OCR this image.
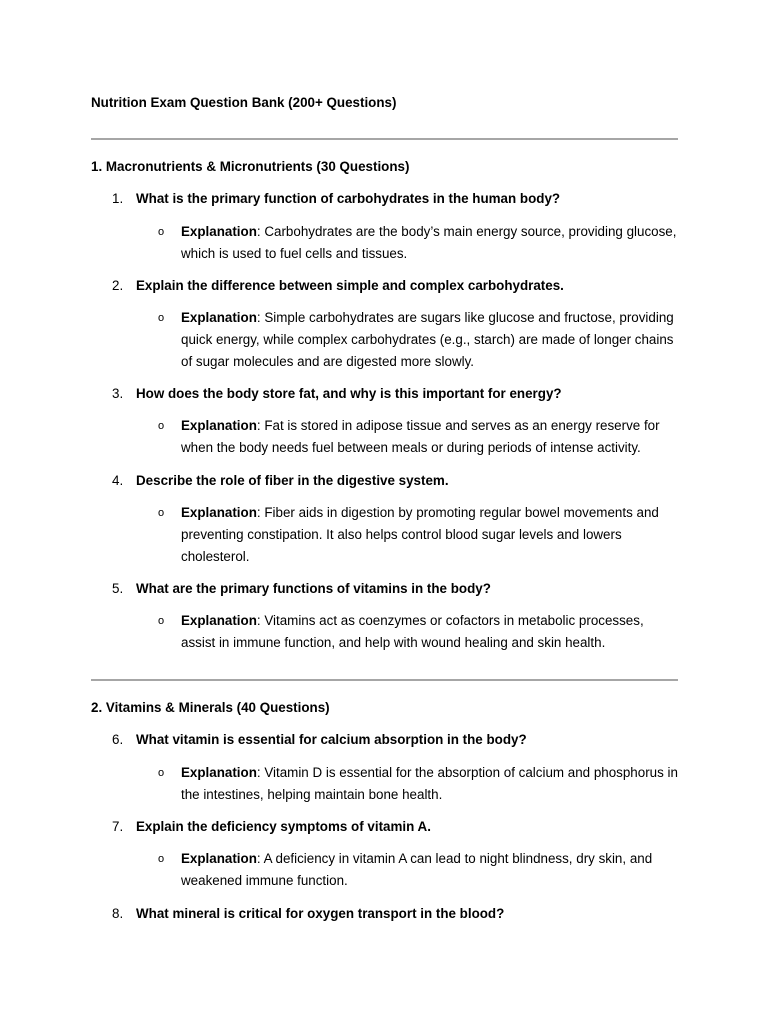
Nutrition Exam Question Bank (200+ Questions)
1. Macronutrients & Micronutrients (30 Questions)
1. What is the primary function of carbohydrates in the human body?
o Explanation: Carbohydrates are the body’s main energy source, providing glucose, which is used to fuel cells and tissues.
2. Explain the difference between simple and complex carbohydrates.
o Explanation: Simple carbohydrates are sugars like glucose and fructose, providing quick energy, while complex carbohydrates (e.g., starch) are made of longer chains of sugar molecules and are digested more slowly.
3. How does the body store fat, and why is this important for energy?
o Explanation: Fat is stored in adipose tissue and serves as an energy reserve for when the body needs fuel between meals or during periods of intense activity.
4. Describe the role of fiber in the digestive system.
o Explanation: Fiber aids in digestion by promoting regular bowel movements and preventing constipation. It also helps control blood sugar levels and lowers cholesterol.
5. What are the primary functions of vitamins in the body?
o Explanation: Vitamins act as coenzymes or cofactors in metabolic processes, assist in immune function, and help with wound healing and skin health.
2. Vitamins & Minerals (40 Questions)
6. What vitamin is essential for calcium absorption in the body?
o Explanation: Vitamin D is essential for the absorption of calcium and phosphorus in the intestines, helping maintain bone health.
7. Explain the deficiency symptoms of vitamin A.
o Explanation: A deficiency in vitamin A can lead to night blindness, dry skin, and weakened immune function.
8. What mineral is critical for oxygen transport in the blood?
